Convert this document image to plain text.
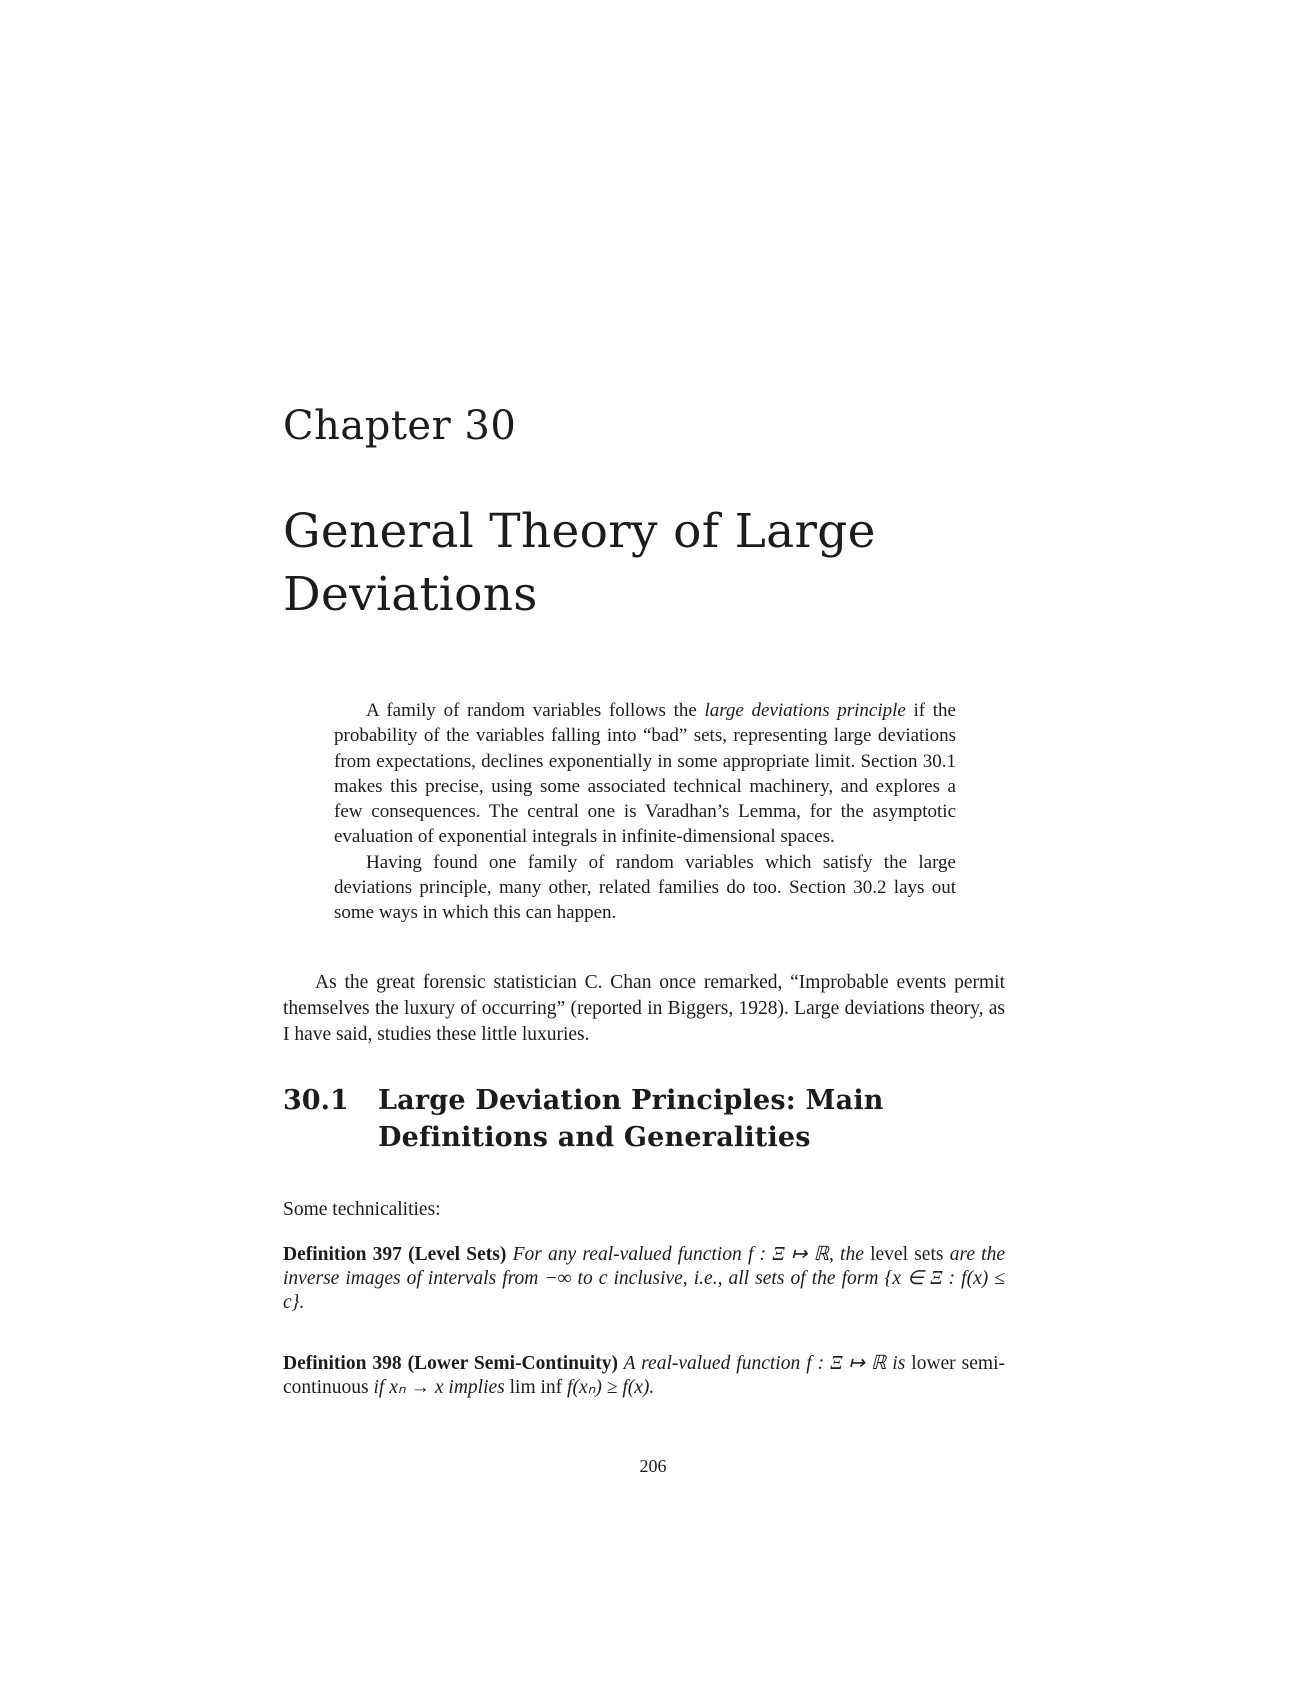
Chapter 30
General Theory of Large
Deviations

A family of random variables follows the large deviations principle if the probability of the variables falling into “bad” sets, representing large deviations from expectations, declines exponentially in some appropriate limit. Section 30.1 makes this precise, using some associated technical machinery, and explores a few consequences. The central one is Varadhan’s Lemma, for the asymptotic evaluation of exponential integrals in infinite-dimensional spaces.

Having found one family of random variables which satisfy the large deviations principle, many other, related families do too. Section 30.2 lays out some ways in which this can happen.

As the great forensic statistician C. Chan once remarked, “Improbable events permit themselves the luxury of occurring” (reported in Biggers, 1928). Large deviations theory, as I have said, studies these little luxuries.

30.1	Large Deviation Principles: Main Definitions and Generalities

Some technicalities:

Definition 397 (Level Sets) For any real-valued function f : Ξ ↦ ℝ, the level sets are the inverse images of intervals from −∞ to c inclusive, i.e., all sets of the form {x ∈ Ξ : f(x) ≤ c}.

Definition 398 (Lower Semi-Continuity) A real-valued function f : Ξ ↦ ℝ is lower semi-continuous if xₙ → x implies lim inf f(xₙ) ≥ f(x).

206
